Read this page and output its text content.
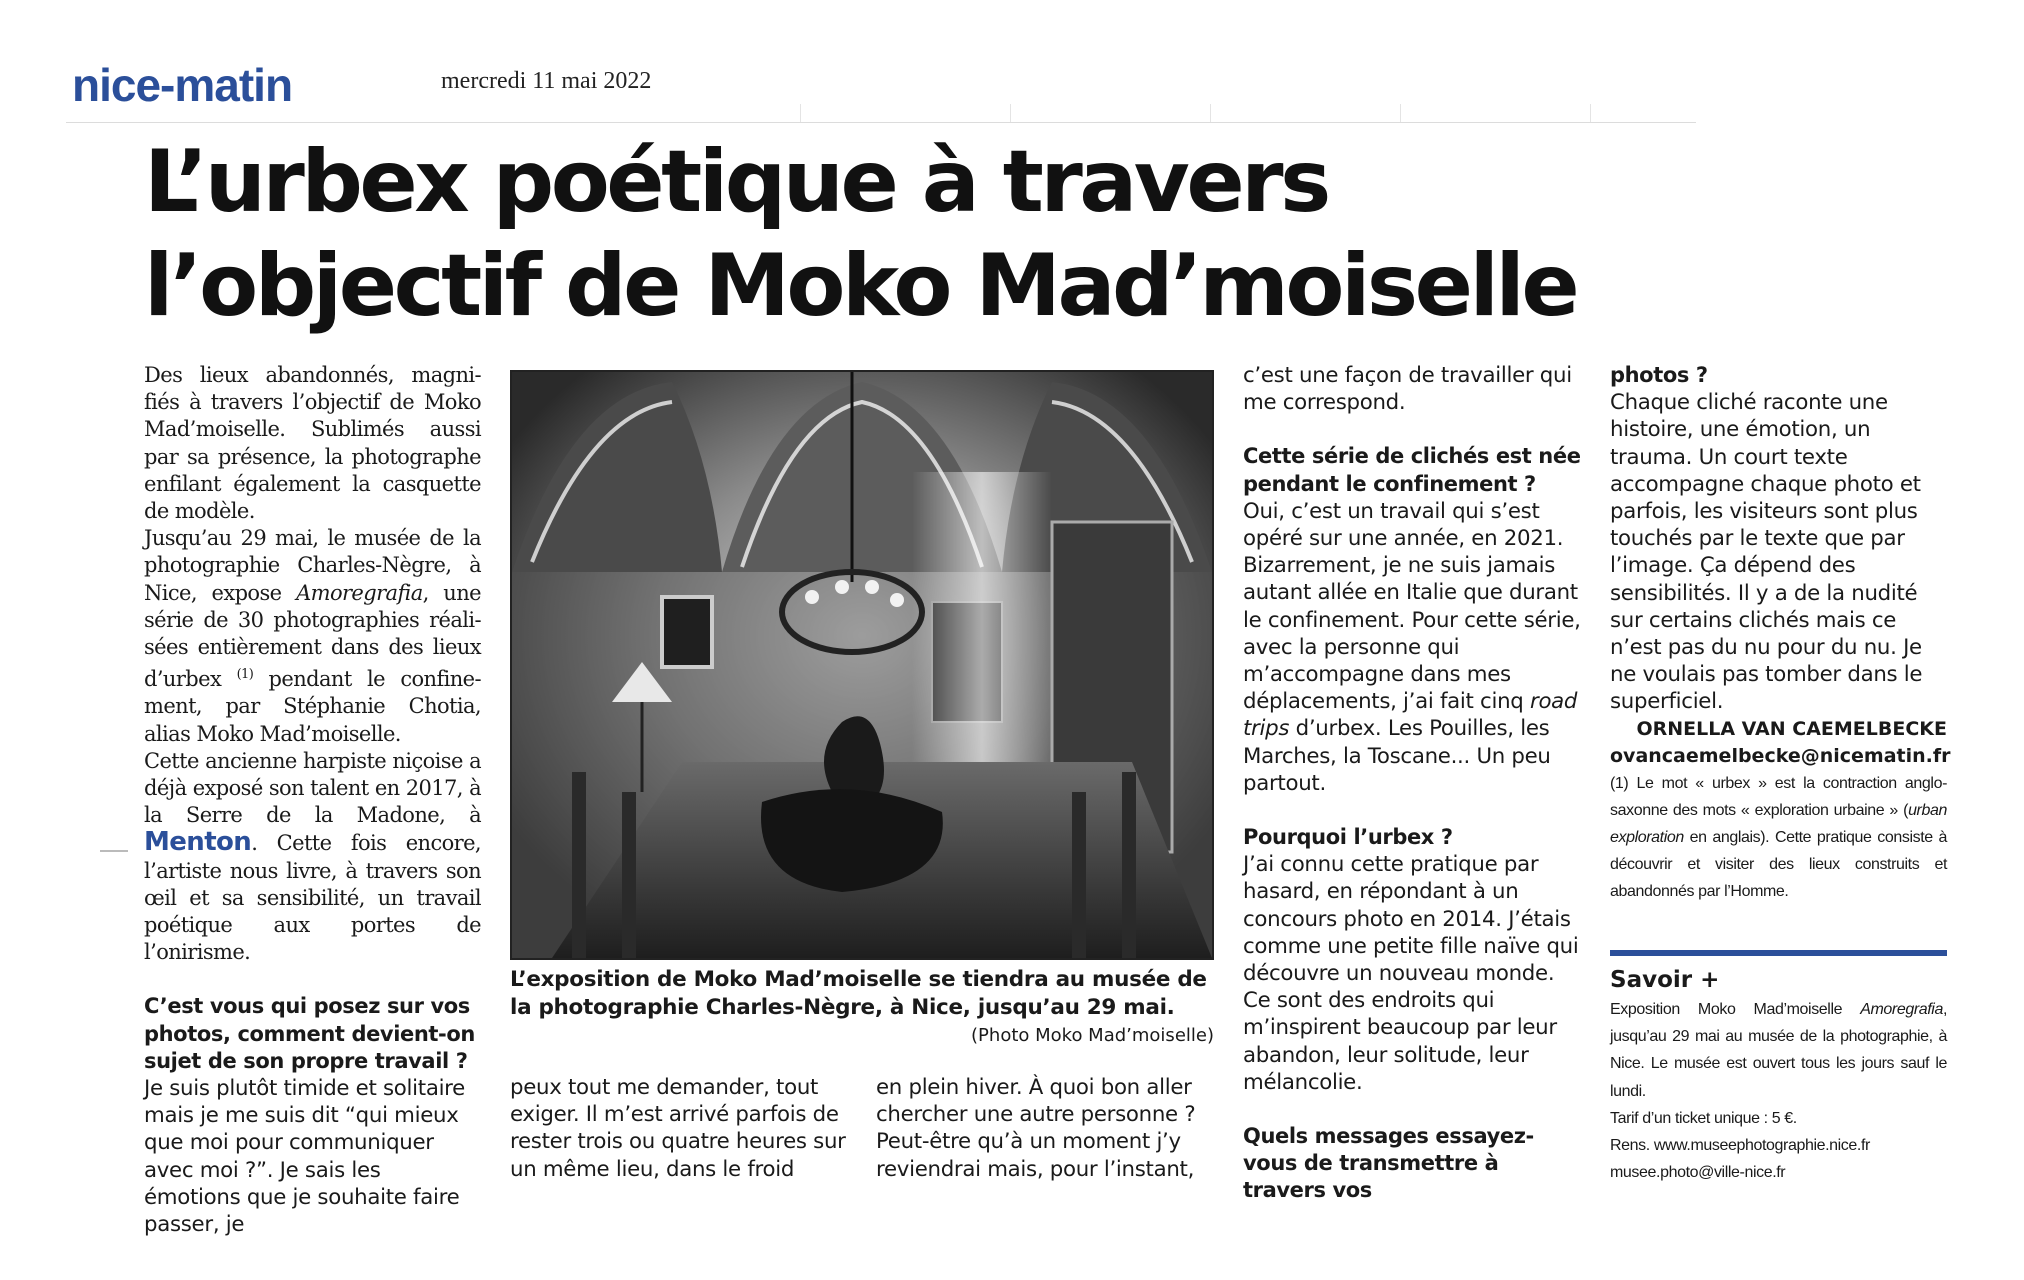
nice-matin	mercredi 11 mai 2022
L’urbex poétique à travers
l’objectif de Moko Mad’moiselle

Des lieux abandonnés, magni-fiés à travers l’objectif de Moko Mad’moiselle. Sublimés aussi par sa présence, la photographe enfilant également la casquette de modèle.

Jusqu’au 29 mai, le musée de la photographie Charles-Nègre, à Nice, expose Amoregrafia, une série de 30 photographies réali-sées entièrement dans des lieux d’urbex $^{(1)}$ pendant le confine-ment, par Stéphanie Chotia, alias Moko Mad’moiselle.

Cette ancienne harpiste niçoise a déjà exposé son talent en 2017, à la Serre de la Madone, à Menton. Cette fois encore, l’artiste nous livre, à travers son œil et sa sensibilité, un travail poétique aux portes de l’onirisme.

C’est vous qui posez sur vos photos, comment devient-on sujet de son propre travail ?

Je suis plutôt timide et solitaire mais je me suis dit “qui mieux que moi pour communiquer avec moi ?”. Je sais les émotions que je souhaite faire passer, je

L’exposition de Moko Mad’moiselle se tiendra au musée de la photographie Charles-Nègre, à Nice, jusqu’au 29 mai.
(Photo Moko Mad’moiselle)

peux tout me demander, tout exiger. Il m’est arrivé parfois de rester trois ou quatre heures sur un même lieu, dans le froid

en plein hiver. À quoi bon aller chercher une autre personne ? Peut-être qu’à un moment j’y reviendrai mais, pour l’instant,

c’est une façon de travailler qui me correspond.

Cette série de clichés est née pendant le confinement ?

Oui, c’est un travail qui s’est opéré sur une année, en 2021. Bizarrement, je ne suis jamais autant allée en Italie que durant le confinement. Pour cette série, avec la personne qui m’accompagne dans mes déplacements, j’ai fait cinq road trips d’urbex. Les Pouilles, les Marches, la Toscane... Un peu partout.

Pourquoi l’urbex ?

J’ai connu cette pratique par hasard, en répondant à un concours photo en 2014. J’étais comme une petite fille naïve qui découvre un nouveau monde. Ce sont des endroits qui m’inspirent beaucoup par leur abandon, leur solitude, leur mélancolie.

Quels messages essayez-vous de transmettre à travers vos

photos ?

Chaque cliché raconte une histoire, une émotion, un trauma. Un court texte accompagne chaque photo et parfois, les visiteurs sont plus touchés par le texte que par l’image. Ça dépend des sensibilités. Il y a de la nudité sur certains clichés mais ce n’est pas du nu pour du nu. Je ne voulais pas tomber dans le superficiel.

ORNELLA VAN CAEMELBECKE

ovancaemelbecke@nicematin.fr

(1) Le mot « urbex » est la contraction anglo-saxonne des mots « exploration urbaine » (urban exploration en anglais). Cette pratique consiste à découvrir et visiter des lieux construits et abandonnés par l’Homme.

Savoir +

Exposition Moko Mad’moiselle Amoregrafia, jusqu’au 29 mai au musée de la photographie, à Nice. Le musée est ouvert tous les jours sauf le lundi.

Tarif d’un ticket unique : 5 €.

Rens. www.museephotographie.nice.fr

musee.photo@ville-nice.fr
